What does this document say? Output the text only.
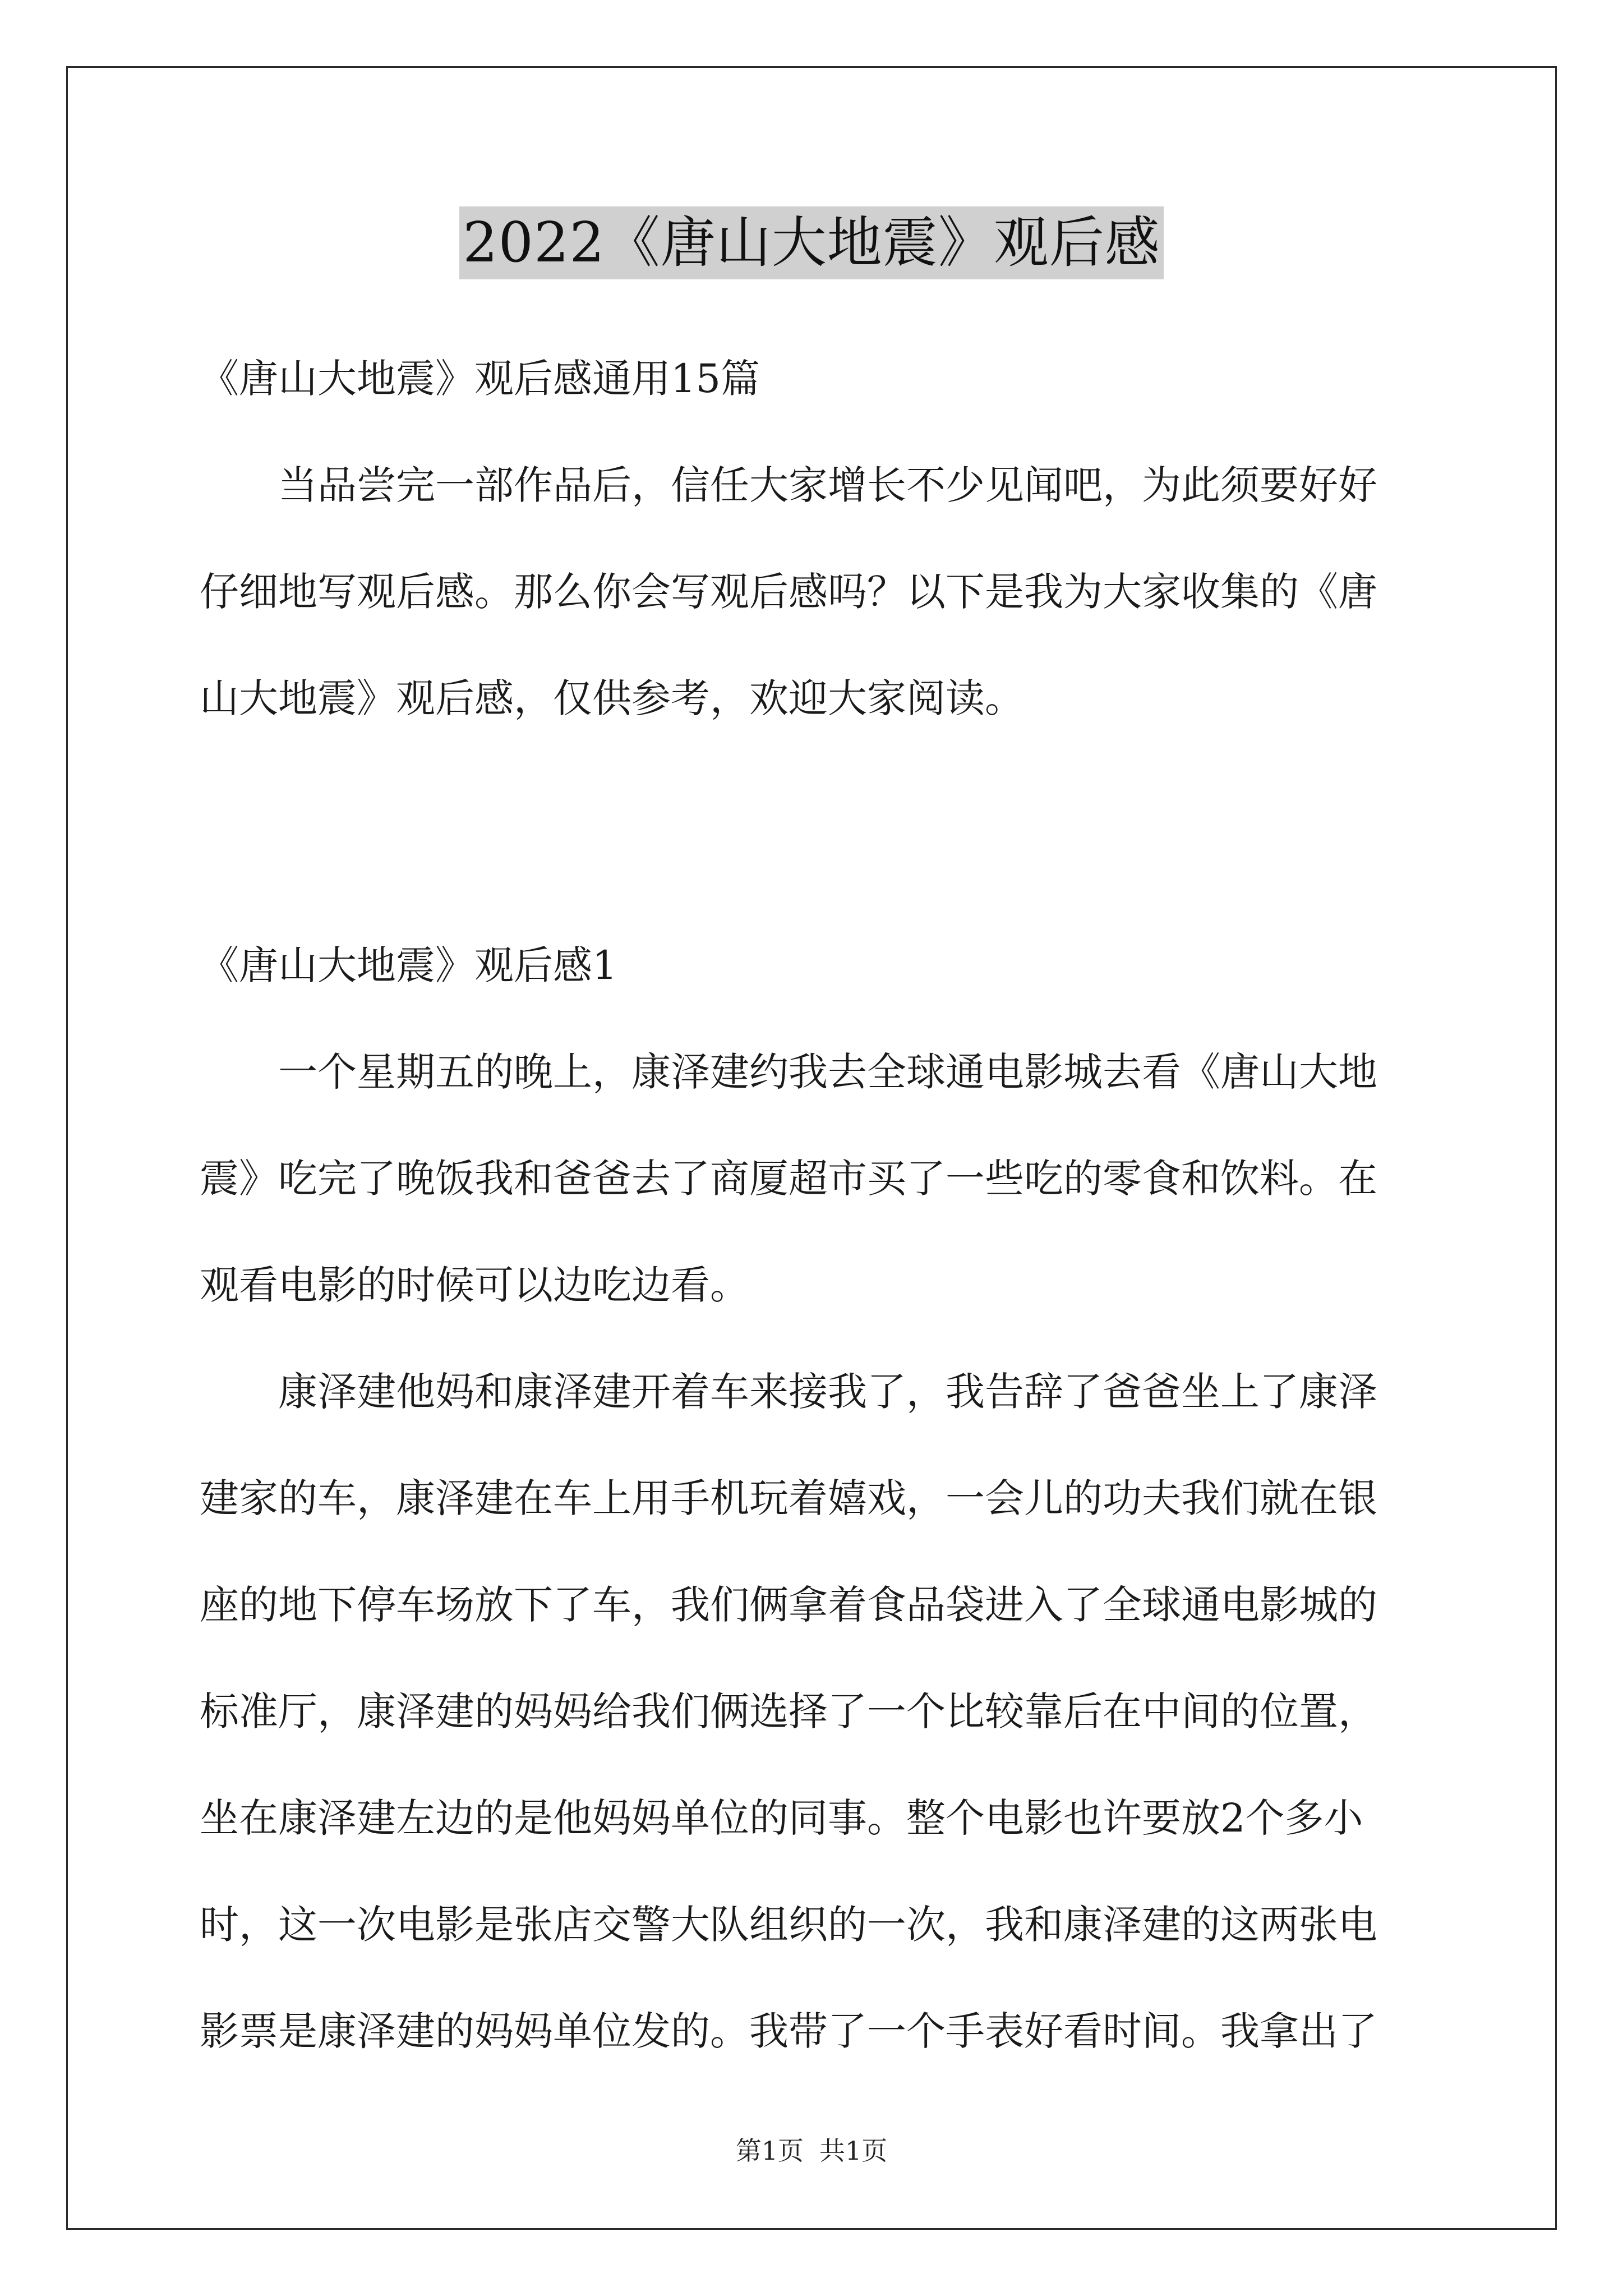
2022《唐山大地震》观后感
《唐山大地震》观后感通用15篇
当品尝完一部作品后，信任大家增长不少见闻吧，为此须要好好
仔细地写观后感。那么你会写观后感吗？以下是我为大家收集的《唐
山大地震》观后感，仅供参考，欢迎大家阅读。
《唐山大地震》观后感1
一个星期五的晚上，康泽建约我去全球通电影城去看《唐山大地
震》吃完了晚饭我和爸爸去了商厦超市买了一些吃的零食和饮料。在
观看电影的时候可以边吃边看。
康泽建他妈和康泽建开着车来接我了，我告辞了爸爸坐上了康泽
建家的车，康泽建在车上用手机玩着嬉戏，一会儿的功夫我们就在银
座的地下停车场放下了车，我们俩拿着食品袋进入了全球通电影城的
标准厅，康泽建的妈妈给我们俩选择了一个比较靠后在中间的位置，
坐在康泽建左边的是他妈妈单位的同事。整个电影也许要放2个多小
时，这一次电影是张店交警大队组织的一次，我和康泽建的这两张电
影票是康泽建的妈妈单位发的。我带了一个手表好看时间。我拿出了
第1页 共1页
